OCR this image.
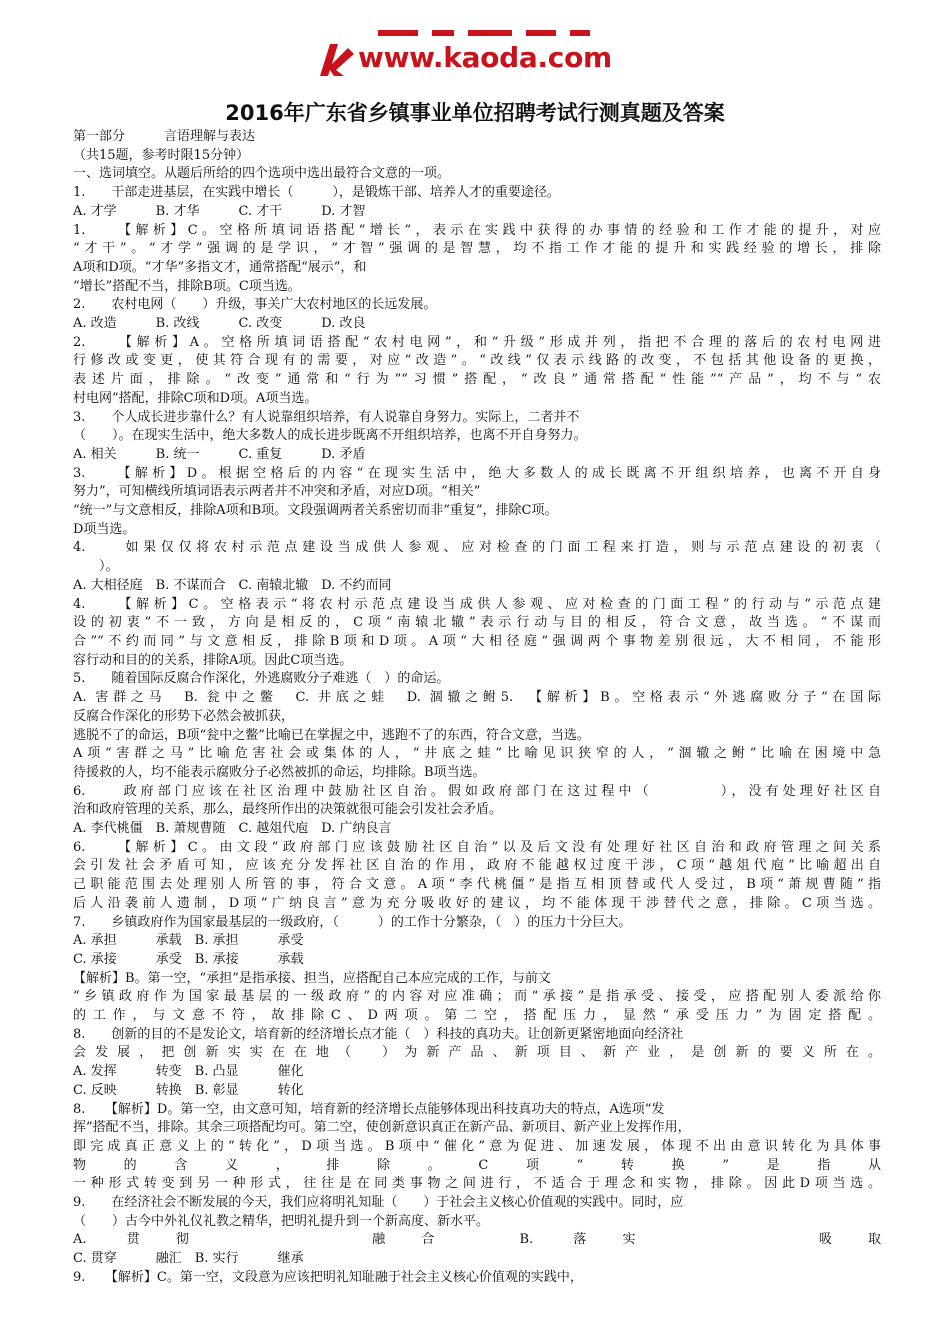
www.kaoda.com
2016年广东省乡镇事业单位招聘考试行测真题及答案

第一部分　　　言语理解与表达

（共15题，参考时限15分钟）

一、选词填空。从题后所给的四个选项中选出最符合文意的一项。

1.　　干部走进基层，在实践中增长（　　　），是锻炼干部、培养人才的重要途径。

A. 才学　　　B. 才华　　　C. 才干　　　D. 才智

1.　　【解析】C。空格所填词语搭配“增长”，表示在实践中获得的办事情的经验和工作才能的提升，对应

“才干”。“才学”强调的是学识，“才智”强调的是智慧，均不指工作才能的提升和实践经验的增长，排除

A项和D项。“才华”多指文才，通常搭配“展示”，和

“增长”搭配不当，排除B项。C项当选。

2.　　农村电网（　　）升级，事关广大农村地区的长远发展。

A. 改造　　　B. 改线　　　C. 改变　　　D. 改良

2.　　【解析】A。空格所填词语搭配“农村电网”，和“升级”形成并列，指把不合理的落后的农村电网进

行修改或变更，使其符合现有的需要，对应“改造”。“改线”仅表示线路的改变，不包括其他设备的更换，

表述片面，排除。“改变”通常和“行为”“习惯”搭配，“改良”通常搭配“性能”“产品”，均不与“农

村电网”搭配，排除C项和D项。A项当选。

3.　　个人成长进步靠什么？有人说靠组织培养，有人说靠自身努力。实际上，二者并不

（　　）。在现实生活中，绝大多数人的成长进步既离不开组织培养，也离不开自身努力。

A. 相关　　　B. 统一　　　C. 重复　　　D. 矛盾

3.　　【解析】D。根据空格后的内容“在现实生活中，绝大多数人的成长既离不开组织培养，也离不开自身

努力”，可知横线所填词语表示两者并不冲突和矛盾，对应D项。“相关”

“统一”与文意相反，排除A项和B项。文段强调两者关系密切而非“重复”，排除C项。

D项当选。

4.　　如果仅仅将农村示范点建设当成供人参观、应对检查的门面工程来打造，则与示范点建设的初衷（

　　）。

A. 大相径庭　B. 不谋而合　C. 南辕北辙　D. 不约而同

4.　　【解析】C。空格表示“将农村示范点建设当成供人参观、应对检查的门面工程”的行动与“示范点建

设的初衷”不一致，方向是相反的，C项“南辕北辙”表示行动与目的相反，符合文意，故当选。“不谋而

合”“不约而同”与文意相反，排除B项和D项。A项“大相径庭”强调两个事物差别很远，大不相同，不能形

容行动和目的的关系，排除A项。因此C项当选。

5.　　随着国际反腐合作深化，外逃腐败分子难逃（　）的命运。

A. 害群之马　B. 瓮中之鳖　C. 井底之蛙　D. 涸辙之鲋5.　【解析】B。空格表示“外逃腐败分子”在国际

反腐合作深化的形势下必然会被抓获，

逃脱不了的命运，B项“瓮中之鳖”比喻已在掌握之中，逃跑不了的东西，符合文意，当选。

A项“害群之马”比喻危害社会或集体的人，“井底之蛙”比喻见识狭窄的人，“涸辙之鲋”比喻在困境中急

待援救的人，均不能表示腐败分子必然被抓的命运，均排除。B项当选。

6.　　政府部门应该在社区治理中鼓励社区自治。假如政府部门在这过程中（　　　　），没有处理好社区自

治和政府管理的关系，那么，最终所作出的决策就很可能会引发社会矛盾。

A. 李代桃僵　B. 萧规曹随　C. 越俎代庖　D. 广纳良言

6.　　【解析】C。由文段“政府部门应该鼓励社区自治”以及后文没有处理好社区自治和政府管理之间关系

会引发社会矛盾可知，应该充分发挥社区自治的作用，政府不能越权过度干涉，C项“越俎代庖”比喻超出自

己职能范围去处理别人所管的事，符合文意。A项“李代桃僵”是指互相顶替或代人受过，B项“萧规曹随”指

后人沿袭前人遗制，D项“广纳良言”意为充分吸收好的建议，均不能体现干涉替代之意，排除。C项当选。

7.　　乡镇政府作为国家最基层的一级政府，（　　　）的工作十分繁杂，（　）的压力十分巨大。

A. 承担　　　承载　B. 承担　　　承受

C. 承接　　　承受　B. 承接　　　承载

【解析】B。第一空，“承担”是指承接、担当，应搭配自己本应完成的工作，与前文

“乡镇政府作为国家最基层的一级政府”的内容对应准确；而“承接”是指承受、接受，应搭配别人委派给你

的工作，与文意不符，故排除C、D两项。第二空，搭配压力，显然“承受压力”为固定搭配。

8.　　创新的目的不是发论文，培育新的经济增长点才能（　）科技的真功夫。让创新更紧密地面向经济社

会发展，把创新实实在在地（　）为新产品、新项目、新产业，是创新的要义所在。

A. 发挥　　　转变　B. 凸显　　　催化

C. 反映　　　转换　B. 彰显　　　转化

8.　　【解析】D。第一空，由文意可知，培育新的经济增长点能够体现出科技真功夫的特点，A选项“发

挥”搭配不当，排除。其余三项搭配均可。第二空，使创新意识真正在新产品、新项目、新产业上发挥作用，

即完成真正意义上的“转化”，D项当选。B项中“催化”意为促进、加速发展，体现不出由意识转化为具体事

物的含义，排除。C项“转换”是指从

一种形式转变到另一种形式，往往是在同类事物之间进行，不适合于理念和实物，排除。因此D项当选。

9.　　在经济社会不断发展的今天，我们应将明礼知耻（　　）于社会主义核心价值观的实践中。同时，应

（　　）古今中外礼仪礼教之精华，把明礼提升到一个新高度、新水平。

A. 贯彻　　　融合　B. 落实　　　吸取

C. 贯穿　　　融汇　B. 实行　　　继承

9.　　【解析】C。第一空，文段意为应该把明礼知耻融于社会主义核心价值观的实践中，
